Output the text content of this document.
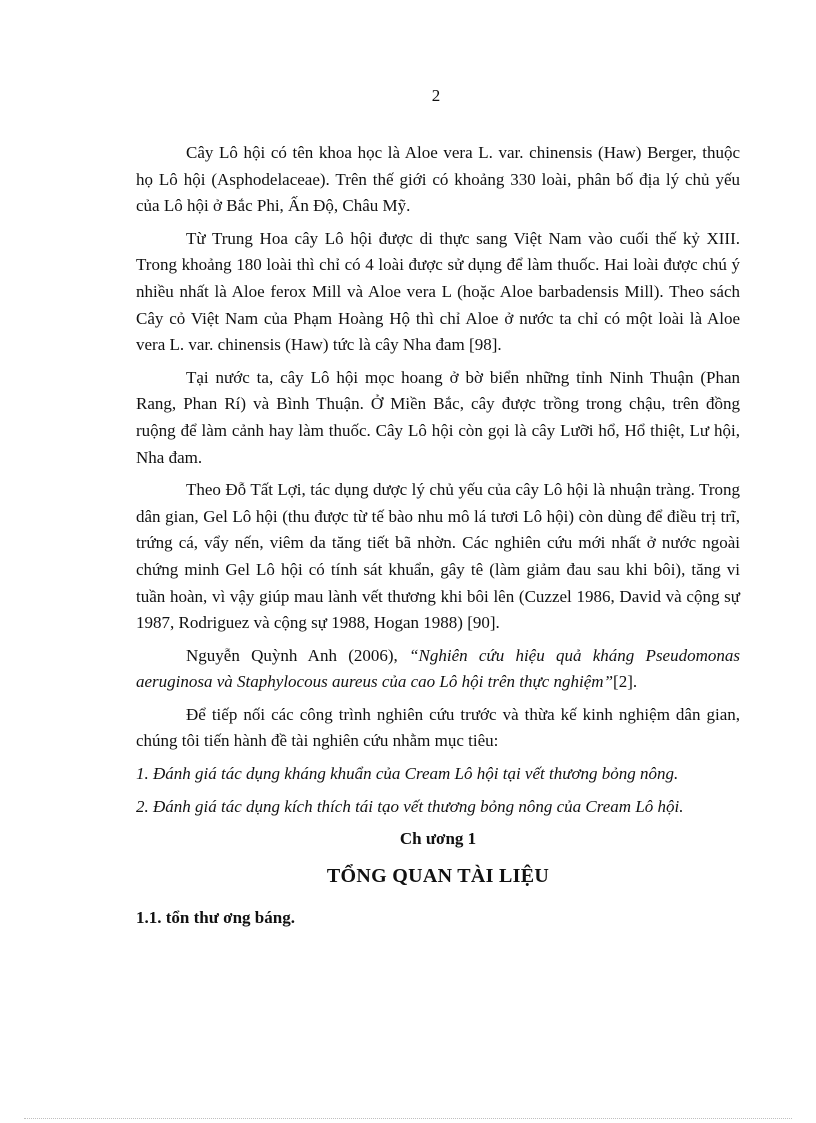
2

Cây Lô hội có tên khoa học là Aloe vera L. var. chinensis (Haw) Berger, thuộc họ Lô hội (Asphodelaceae). Trên thế giới có khoảng 330 loài, phân bố địa lý chủ yếu của Lô hội ở Bắc Phi, Ấn Độ, Châu Mỹ.

Từ Trung Hoa cây Lô hội được di thực sang Việt Nam vào cuối thế kỷ XIII. Trong khoảng 180 loài thì chỉ có 4 loài được sử dụng để làm thuốc. Hai loài được chú ý nhiều nhất là Aloe ferox Mill và Aloe vera L (hoặc Aloe barbadensis Mill). Theo sách Cây cỏ Việt Nam của Phạm Hoàng Hộ thì chỉ Aloe ở nước ta chỉ có một loài là Aloe vera L. var. chinensis (Haw) tức là cây Nha đam [98].

Tại nước ta, cây Lô hội mọc hoang ở bờ biển những tỉnh Ninh Thuận (Phan Rang, Phan Rí) và Bình Thuận. Ở Miền Bắc, cây được trồng trong chậu, trên đồng ruộng để làm cảnh hay làm thuốc. Cây Lô hội còn gọi là cây Lưỡi hổ, Hổ thiệt, Lư hội, Nha đam.

Theo Đỗ Tất Lợi, tác dụng dược lý chủ yếu của cây Lô hội là nhuận tràng. Trong dân gian, Gel Lô hội (thu được từ tế bào nhu mô lá tươi Lô hội) còn dùng để điều trị trĩ, trứng cá, vẩy nến, viêm da tăng tiết bã nhờn. Các nghiên cứu mới nhất ở nước ngoài chứng minh Gel Lô hội có tính sát khuẩn, gây tê (làm giảm đau sau khi bôi), tăng vi tuần hoàn, vì vậy giúp mau lành vết thương khi bôi lên (Cuzzel 1986, David và cộng sự 1987, Rodriguez và cộng sự 1988, Hogan 1988) [90].

Nguyễn Quỳnh Anh (2006), “Nghiên cứu hiệu quả kháng Pseudomonas aeruginosa và Staphylocous aureus của cao Lô hội trên thực nghiệm”[2].

Để tiếp nối các công trình nghiên cứu trước và thừa kế kinh nghiệm dân gian, chúng tôi tiến hành đề tài nghiên cứu nhằm mục tiêu:

1. Đánh giá tác dụng kháng khuẩn của Cream Lô hội tại vết thương bỏng nông.

2. Đánh giá tác dụng kích thích tái tạo vết thương bỏng nông của Cream Lô hội.

Ch ương 1
TỔNG QUAN TÀI LIỆU
1.1. tổn thư ơng báng.
